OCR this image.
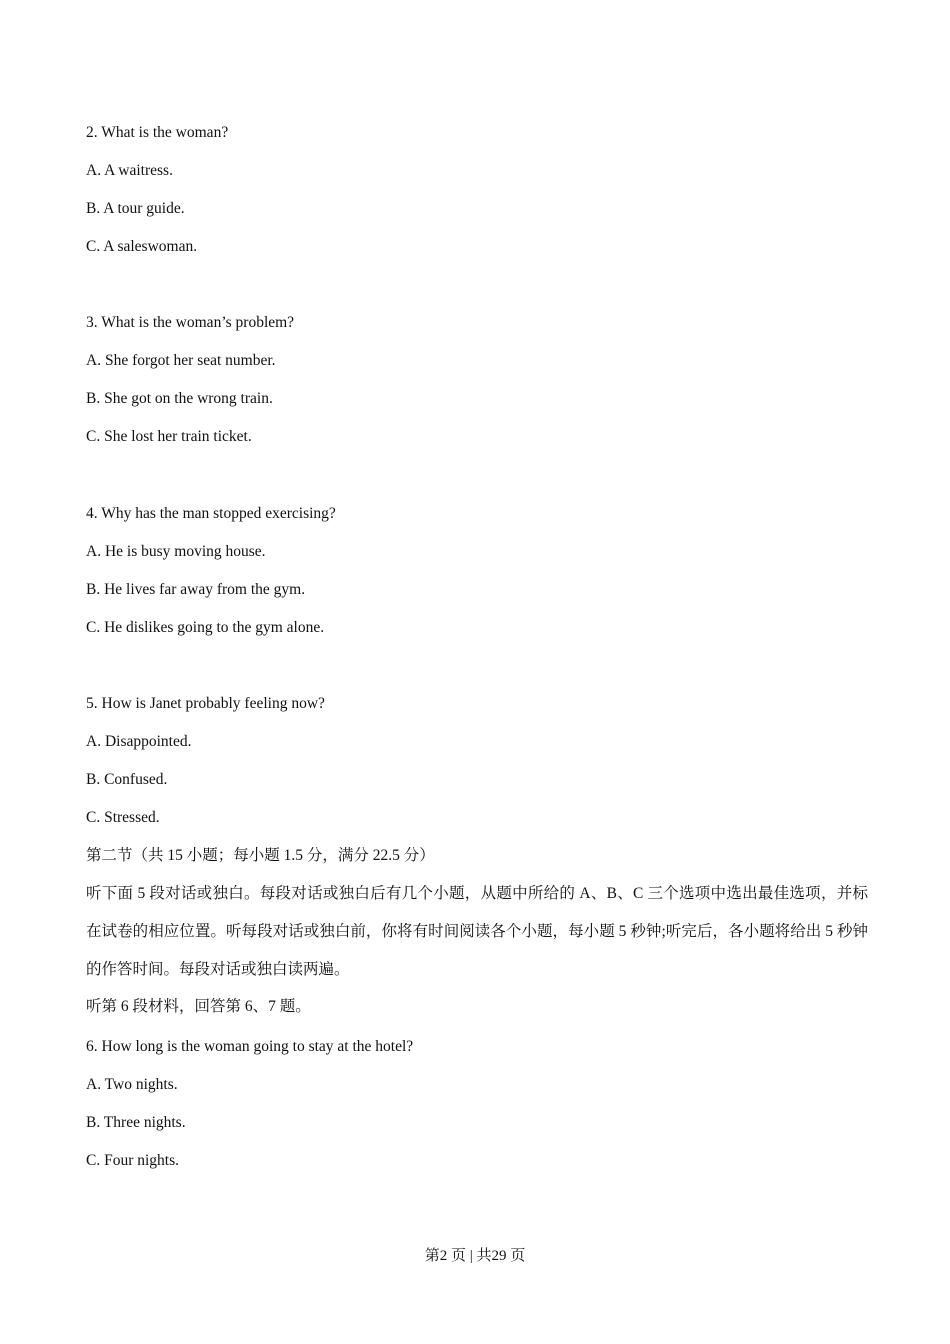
2. What is the woman?
A. A waitress.
B. A tour guide.
C. A saleswoman.
3. What is the woman’s problem?
A. She forgot her seat number.
B. She got on the wrong train.
C. She lost her train ticket.
4. Why has the man stopped exercising?
A. He is busy moving house.
B. He lives far away from the gym.
C. He dislikes going to the gym alone.
5. How is Janet probably feeling now?
A. Disappointed.
B. Confused.
C. Stressed.
第二节（共 15 小题；每小题 1.5 分，满分 22.5 分）
听下面 5 段对话或独白。每段对话或独白后有几个小题，从题中所给的 A、B、C 三个选项中选出最佳选项，并标在试卷的相应位置。听每段对话或独白前，你将有时间阅读各个小题，每小题 5 秒钟;听完后，各小题将给出 5 秒钟的作答时间。每段对话或独白读两遍。
听第 6 段材料，回答第 6、7 题。
6. How long is the woman going to stay at the hotel?
A. Two nights.
B. Three nights.
C. Four nights.
第2 页 | 共29 页
